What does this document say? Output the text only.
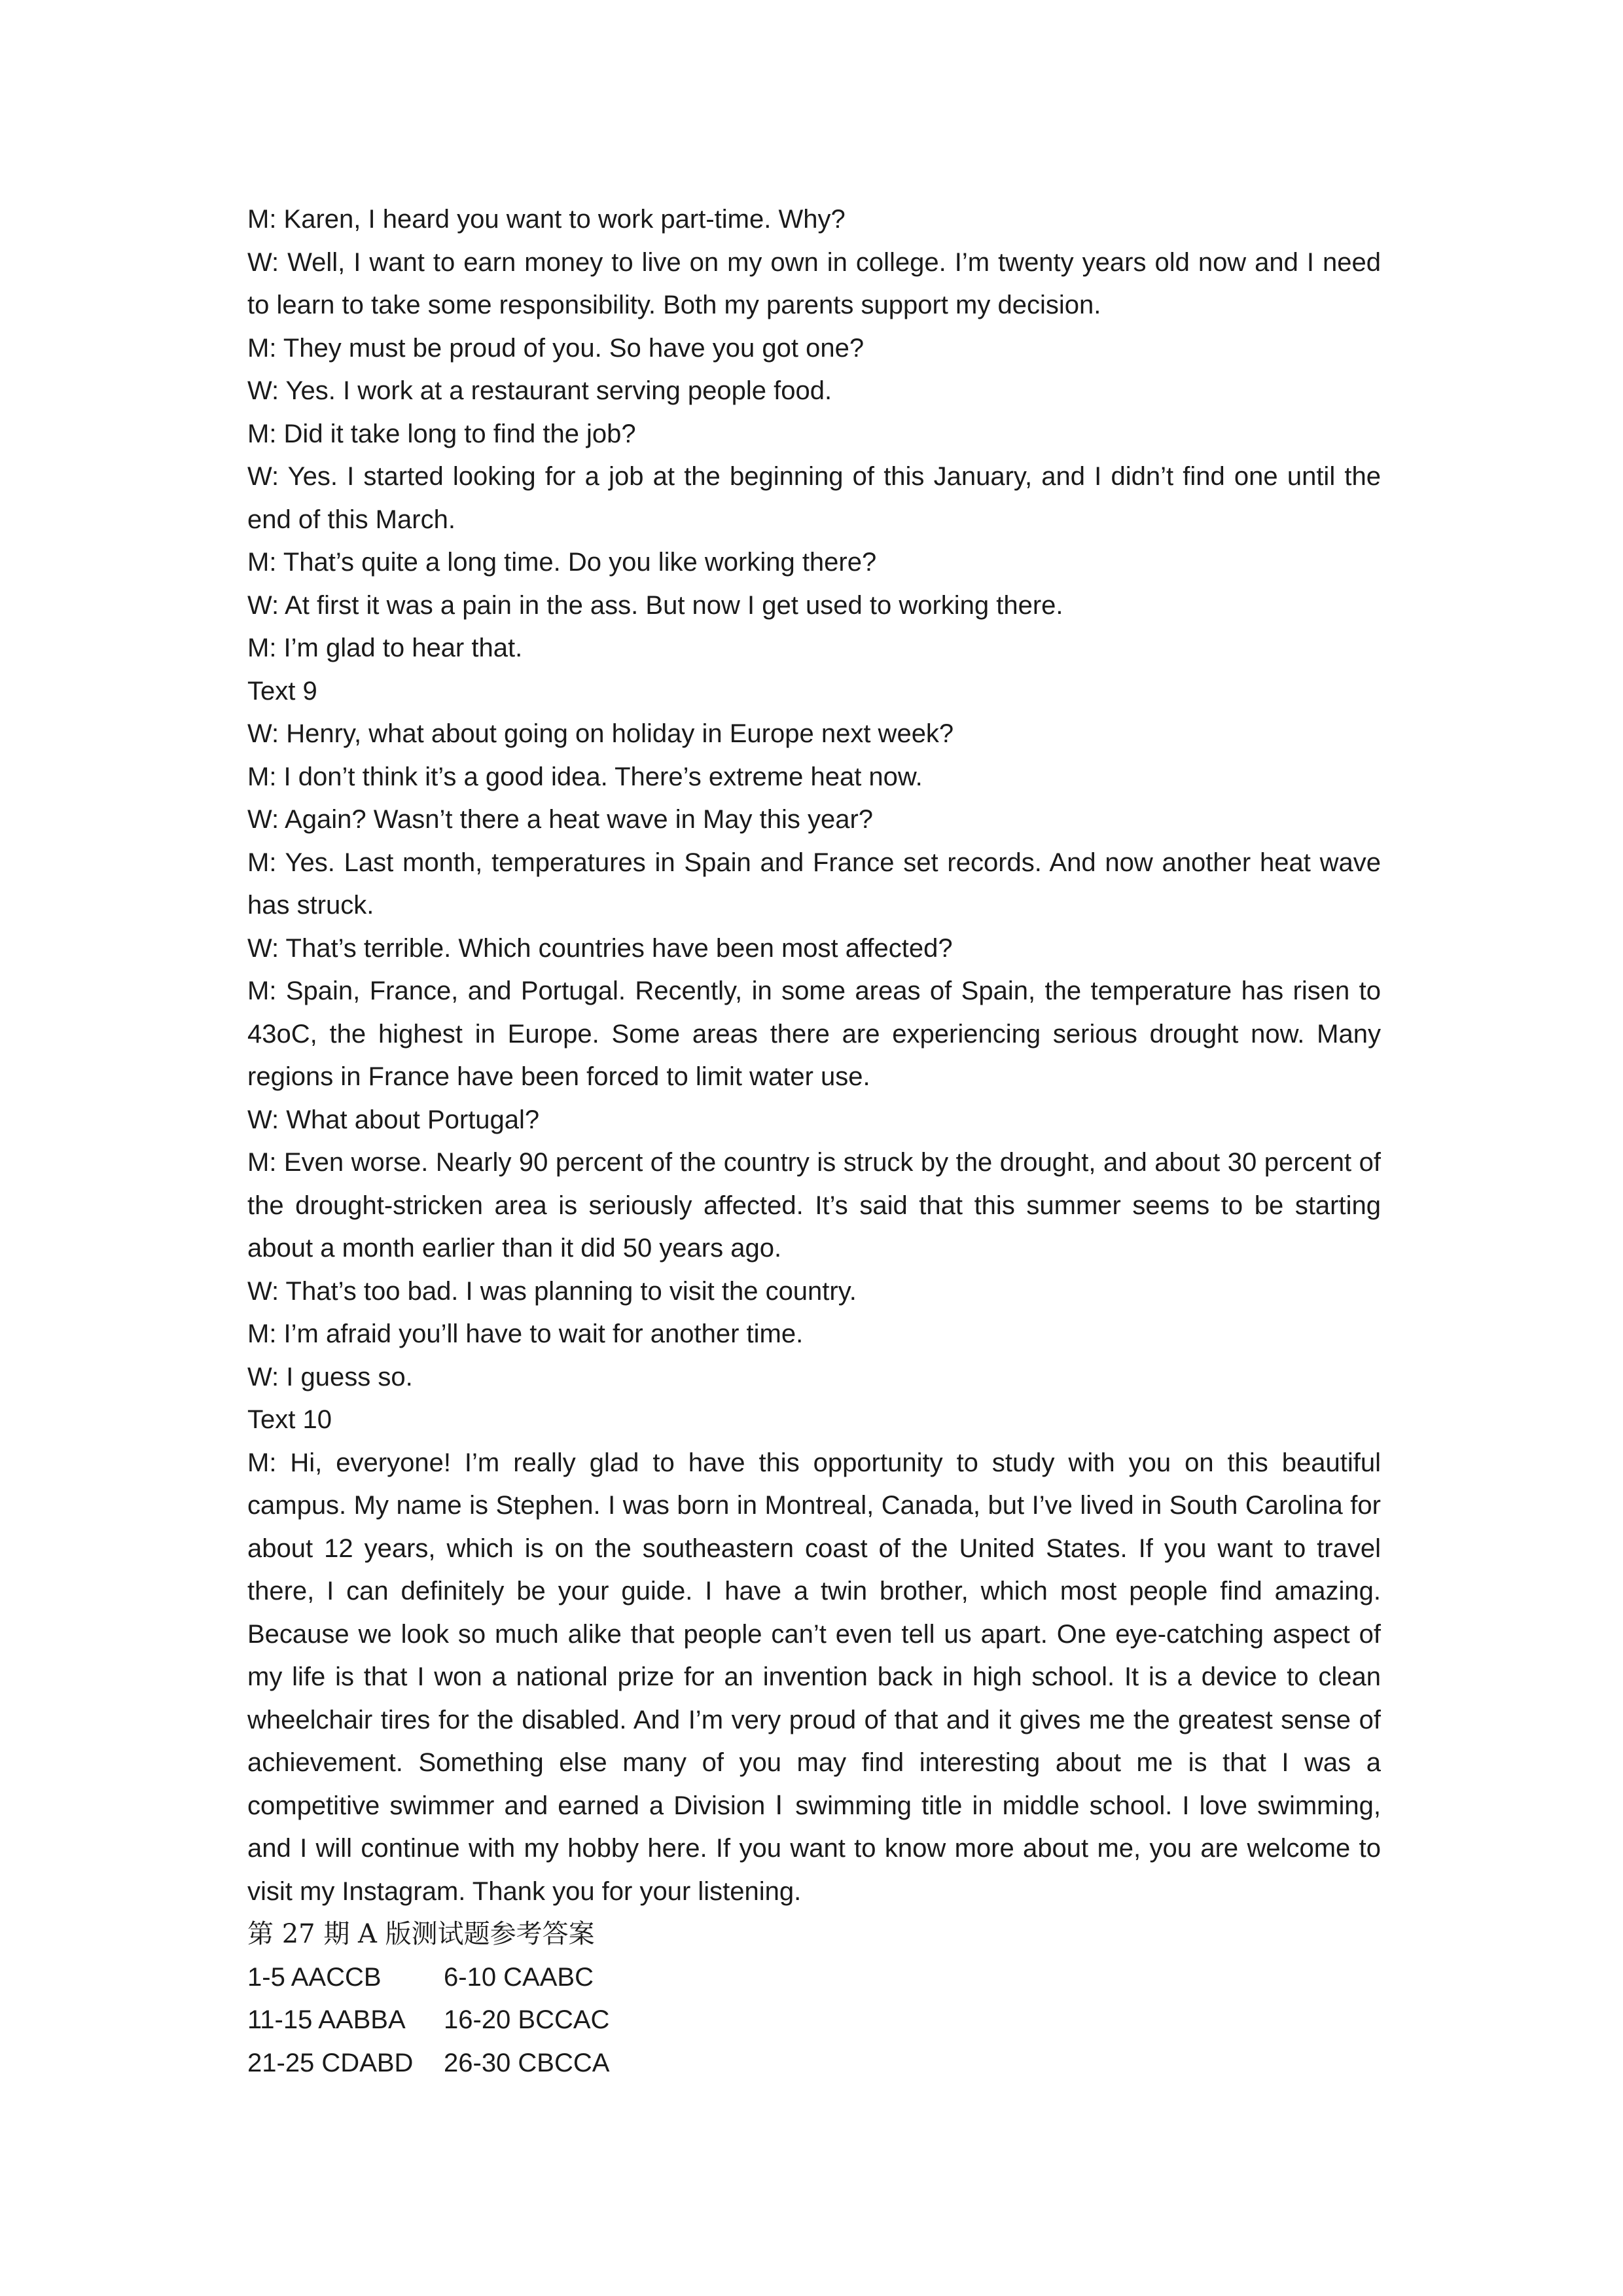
M: Karen, I heard you want to work part-time. Why?

W: Well, I want to earn money to live on my own in college. I’m twenty years old now and I need to learn to take some responsibility. Both my parents support my decision.

M: They must be proud of you. So have you got one?

W: Yes. I work at a restaurant serving people food.

M: Did it take long to find the job?

W: Yes. I started looking for a job at the beginning of this January, and I didn’t find one until the end of this March.

M: That’s quite a long time. Do you like working there?

W: At first it was a pain in the ass. But now I get used to working there.

M: I’m glad to hear that.

Text 9

W: Henry, what about going on holiday in Europe next week?

M: I don’t think it’s a good idea. There’s extreme heat now.

W: Again? Wasn’t there a heat wave in May this year?

M: Yes. Last month, temperatures in Spain and France set records. And now another heat wave has struck.

W: That’s terrible. Which countries have been most affected?

M: Spain, France, and Portugal. Recently, in some areas of Spain, the temperature has risen to 43oC, the highest in Europe. Some areas there are experiencing serious drought now. Many regions in France have been forced to limit water use.

W: What about Portugal?

M: Even worse. Nearly 90 percent of the country is struck by the drought, and about 30 percent of the drought-stricken area is seriously affected. It’s said that this summer seems to be starting about a month earlier than it did 50 years ago.

W: That’s too bad. I was planning to visit the country.

M: I’m afraid you’ll have to wait for another time.

W: I guess so.

Text 10

M: Hi, everyone! I’m really glad to have this opportunity to study with you on this beautiful campus. My name is Stephen. I was born in Montreal, Canada, but I’ve lived in South Carolina for about 12 years, which is on the southeastern coast of the United States. If you want to travel there, I can definitely be your guide. I have a twin brother, which most people find amazing. Because we look so much alike that people can’t even tell us apart. One eye-catching aspect of my life is that I won a national prize for an invention back in high school. It is a device to clean wheelchair tires for the disabled. And I’m very proud of that and it gives me the greatest sense of achievement. Something else many of you may find interesting about me is that I was a competitive swimmer and earned a Division Ⅰ swimming title in middle school. I love swimming, and I will continue with my hobby here. If you want to know more about me, you are welcome to visit my Instagram. Thank you for your listening.

第 27 期 A 版测试题参考答案

1-5 AACCB	6-10 CAABC
11-15 AABBA	16-20 BCCAC
21-25 CDABD	26-30 CBCCA
